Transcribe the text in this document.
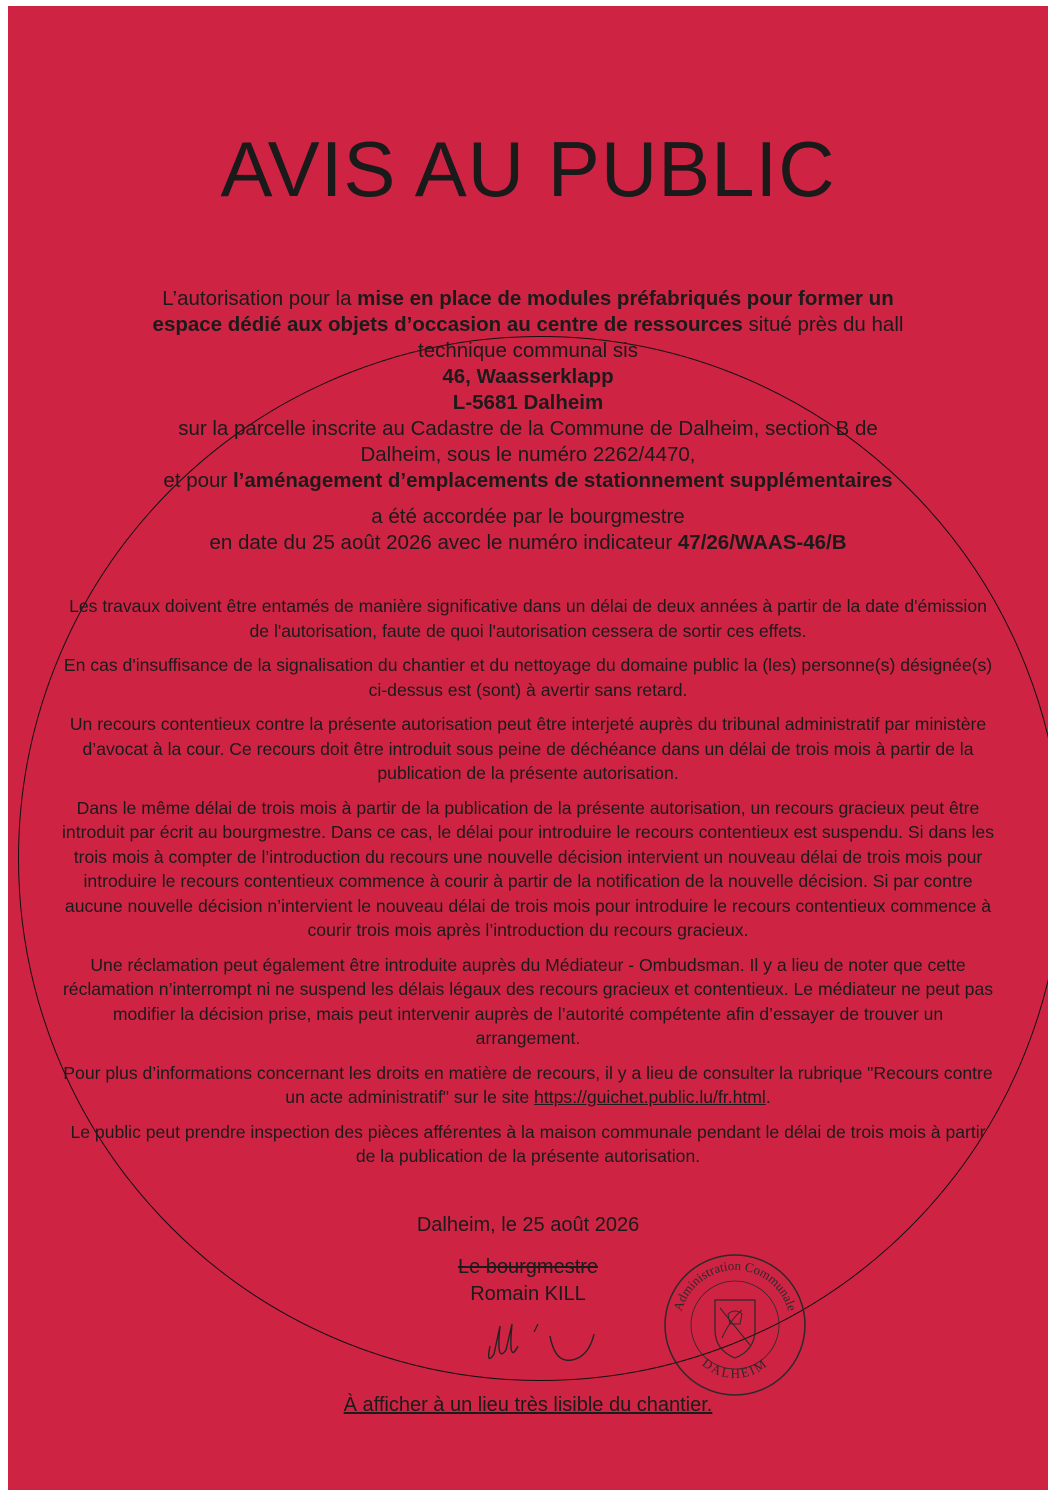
AVIS AU PUBLIC
L’autorisation pour la mise en place de modules préfabriqués pour former un
espace dédié aux objets d’occasion au centre de ressources situé près du hall
technique communal sis
46, Waasserklapp
L-5681 Dalheim
sur la parcelle inscrite au Cadastre de la Commune de Dalheim, section B de
Dalheim, sous le numéro 2262/4470,
et pour l’aménagement d’emplacements de stationnement supplémentaires
a été accordée par le bourgmestre
en date du 25 août 2026 avec le numéro indicateur 47/26/WAAS-46/B

Les travaux doivent être entamés de manière significative dans un délai de deux années à partir de la date d'émission de l'autorisation, faute de quoi l'autorisation cessera de sortir ces effets.

En cas d'insuffisance de la signalisation du chantier et du nettoyage du domaine public la (les) personne(s) désignée(s) ci-dessus est (sont) à avertir sans retard.

Un recours contentieux contre la présente autorisation peut être interjeté auprès du tribunal administratif par ministère d’avocat à la cour. Ce recours doit être introduit sous peine de déchéance dans un délai de trois mois à partir de la publication de la présente autorisation.

Dans le même délai de trois mois à partir de la publication de la présente autorisation, un recours gracieux peut être introduit par écrit au bourgmestre. Dans ce cas, le délai pour introduire le recours contentieux est suspendu. Si dans les trois mois à compter de l’introduction du recours une nouvelle décision intervient un nouveau délai de trois mois pour introduire le recours contentieux commence à courir à partir de la notification de la nouvelle décision. Si par contre aucune nouvelle décision n’intervient le nouveau délai de trois mois pour introduire le recours contentieux commence à courir trois mois après l’introduction du recours gracieux.

Une réclamation peut également être introduite auprès du Médiateur - Ombudsman. Il y a lieu de noter que cette réclamation n’interrompt ni ne suspend les délais légaux des recours gracieux et contentieux. Le médiateur ne peut pas modifier la décision prise, mais peut intervenir auprès de l’autorité compétente afin d’essayer de trouver un arrangement.

Pour plus d’informations concernant les droits en matière de recours, il y a lieu de consulter la rubrique "Recours contre un acte administratif" sur le site https://guichet.public.lu/fr.html.

Le public peut prendre inspection des pièces afférentes à la maison communale pendant le délai de trois mois à partir de la publication de la présente autorisation.

Dalheim, le 25 août 2026
Le bourgmestre
Romain KILL
Administration Communale
DALHEIM
À afficher à un lieu très lisible du chantier.
